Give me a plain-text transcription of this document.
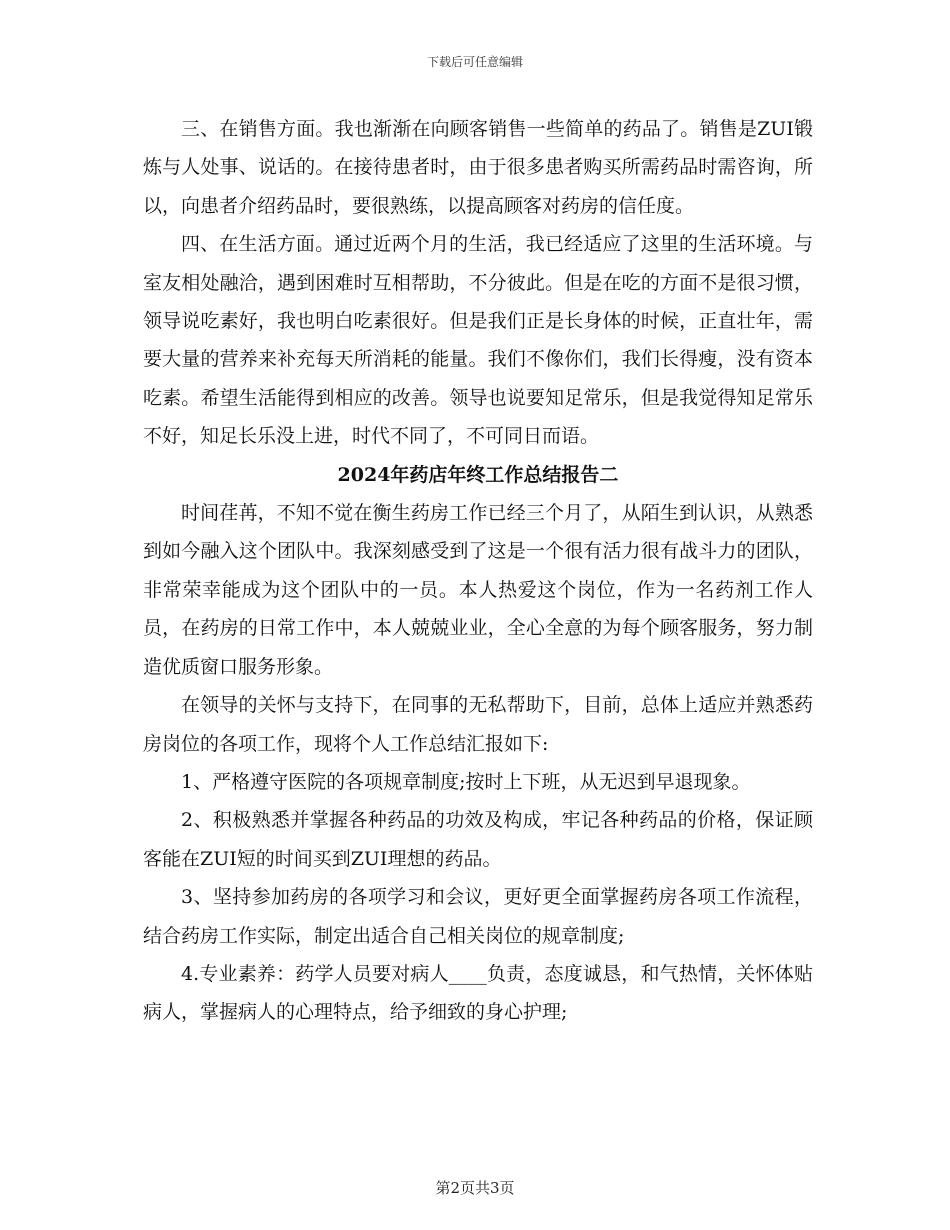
下载后可任意编辑

三、在销售方面。我也渐渐在向顾客销售一些简单的药品了。销售是ZUI锻炼与人处事、说话的。在接待患者时，由于很多患者购买所需药品时需咨询，所以，向患者介绍药品时，要很熟练，以提高顾客对药房的信任度。

四、在生活方面。通过近两个月的生活，我已经适应了这里的生活环境。与室友相处融洽，遇到困难时互相帮助，不分彼此。但是在吃的方面不是很习惯，领导说吃素好，我也明白吃素很好。但是我们正是长身体的时候，正直壮年，需要大量的营养来补充每天所消耗的能量。我们不像你们，我们长得瘦，没有资本吃素。希望生活能得到相应的改善。领导也说要知足常乐，但是我觉得知足常乐不好，知足长乐没上进，时代不同了，不可同日而语。

2024年药店年终工作总结报告二

时间荏苒，不知不觉在衡生药房工作已经三个月了，从陌生到认识，从熟悉到如今融入这个团队中。我深刻感受到了这是一个很有活力很有战斗力的团队，非常荣幸能成为这个团队中的一员。本人热爱这个岗位，作为一名药剂工作人员，在药房的日常工作中，本人兢兢业业，全心全意的为每个顾客服务，努力制造优质窗口服务形象。

在领导的关怀与支持下，在同事的无私帮助下，目前，总体上适应并熟悉药房岗位的各项工作，现将个人工作总结汇报如下:

1、严格遵守医院的各项规章制度;按时上下班，从无迟到早退现象。

2、积极熟悉并掌握各种药品的功效及构成，牢记各种药品的价格，保证顾客能在ZUI短的时间买到ZUI理想的药品。

3、坚持参加药房的各项学习和会议，更好更全面掌握药房各项工作流程，结合药房工作实际，制定出适合自己相关岗位的规章制度;

4.专业素养：药学人员要对病人____负责，态度诚恳，和气热情，关怀体贴病人，掌握病人的心理特点，给予细致的身心护理;

第2页共3页
